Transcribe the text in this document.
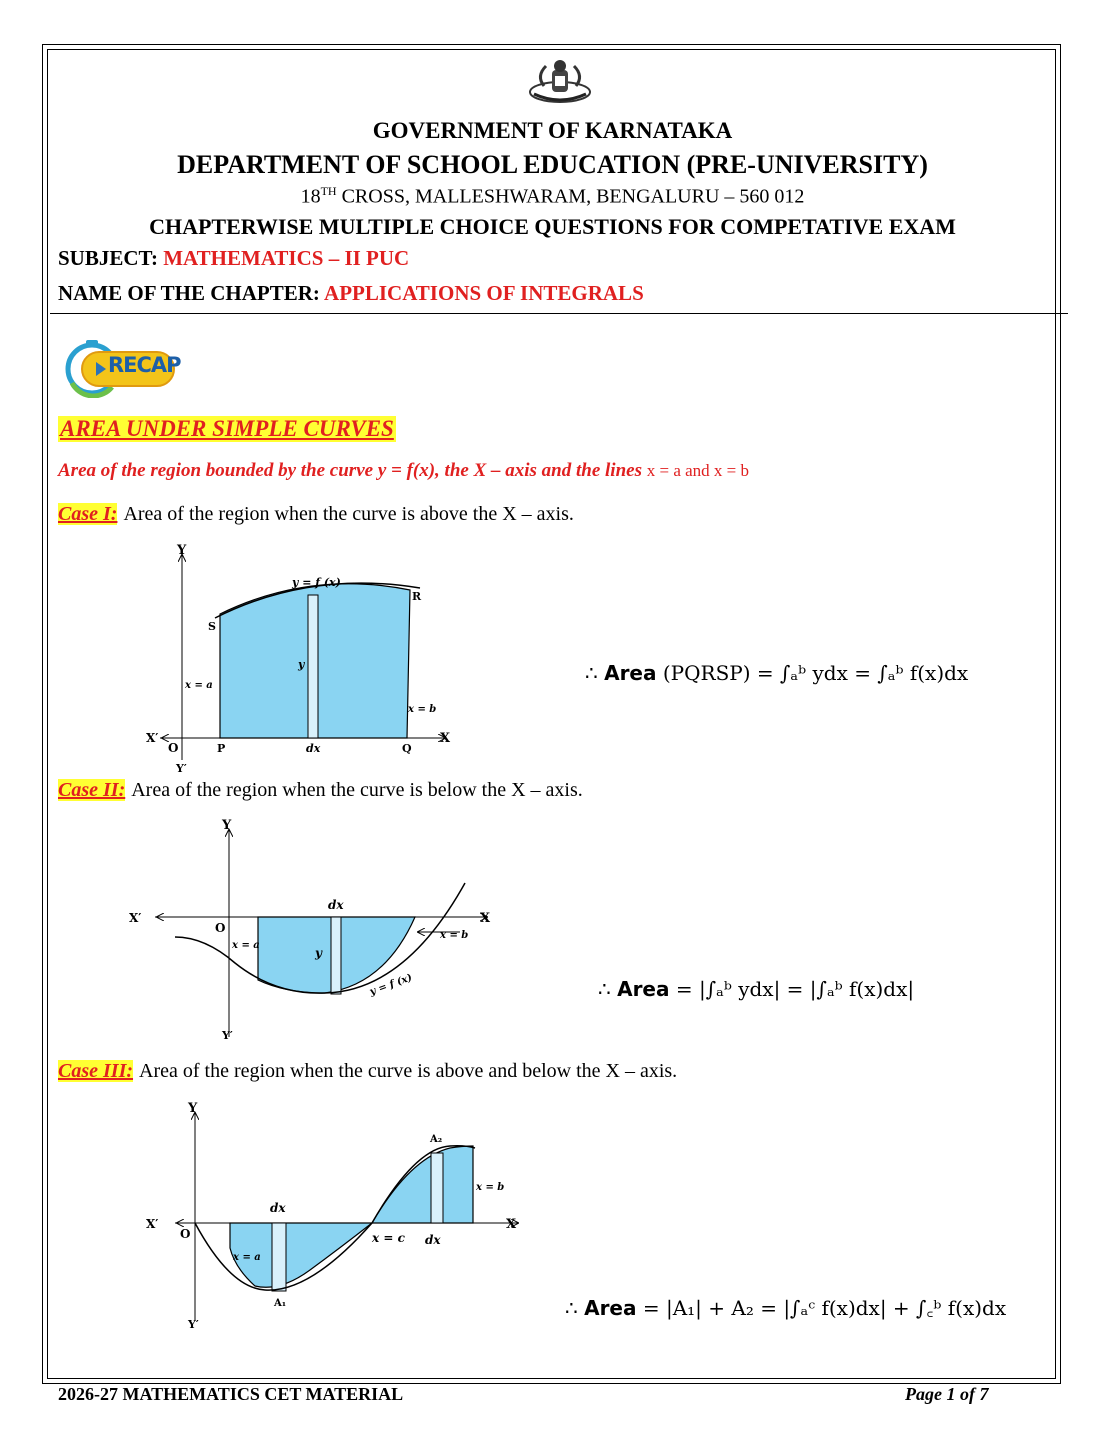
GOVERNMENT OF KARNATAKA
DEPARTMENT OF SCHOOL EDUCATION (PRE-UNIVERSITY)
18TH CROSS, MALLESHWARAM, BENGALURU – 560 012
CHAPTERWISE MULTIPLE CHOICE QUESTIONS FOR COMPETATIVE EXAM
SUBJECT: MATHEMATICS – II PUC
NAME OF THE CHAPTER: APPLICATIONS OF INTEGRALS
RECAP
AREA UNDER SIMPLE CURVES
Area of the region bounded by the curve y = f(x), the X – axis and the lines x = a and x = b
Case I: Area of the region when the curve is above the X – axis.
Y
Y′
X
X′
O
y = f (x)
P	Q
R
S
x = a
x = b
y
dx
∴ Area (PQRSP) = ∫ₐᵇ ydx = ∫ₐᵇ f(x)dx
Case II: Area of the region when the curve is below the X – axis.
Y
Y′
X
X′
O
y = f (x)
x = a
x = b
y
dx
∴ Area = |∫ₐᵇ ydx| = |∫ₐᵇ f(x)dx|
Case III: Area of the region when the curve is above and below the X – axis.
Y
Y′
X
X′
O
A₁
A₂
x = a
x = b
x = c
dx
dx
∴ Area = |A₁| + A₂ = |∫ₐᶜ f(x)dx| + ∫꜀ᵇ f(x)dx
2026-27 MATHEMATICS CET MATERIAL	Page 1 of 7
